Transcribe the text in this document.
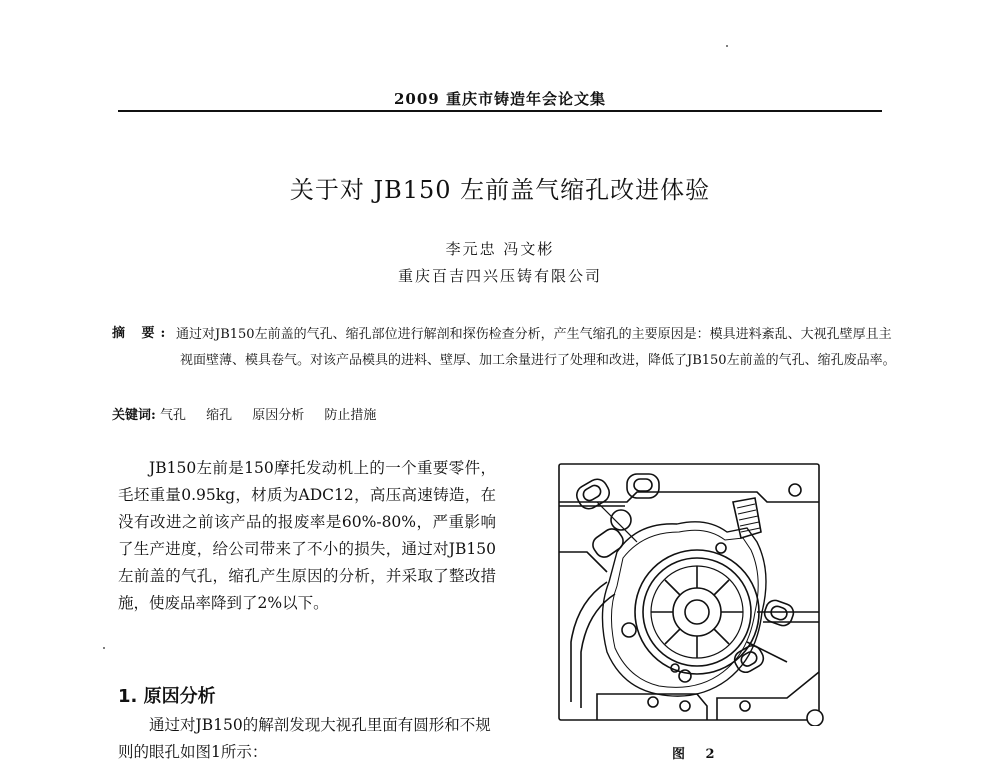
2009 重庆市铸造年会论文集
关于对 JB150 左前盖气缩孔改进体验
李元忠 冯文彬
重庆百吉四兴压铸有限公司
摘 要: 通过对JB150左前盖的气孔、缩孔部位进行解剖和探伤检查分析，产生气缩孔的主要原因是：模具进料紊乱、大视孔壁厚且主视面壁薄、模具卷气。对该产品模具的进料、壁厚、加工余量进行了处理和改进，降低了JB150左前盖的气孔、缩孔废品率。
关键词: 气孔 缩孔 原因分析 防止措施

JB150左前是150摩托发动机上的一个重要零件，毛坯重量0.95kg，材质为ADC12，高压高速铸造，在没有改进之前该产品的报废率是60%-80%，严重影响了生产进度，给公司带来了不小的损失，通过对JB150左前盖的气孔，缩孔产生原因的分析，并采取了整改措施，使废品率降到了2%以下。

1. 原因分析

通过对JB150的解剖发现大视孔里面有圆形和不规则的眼孔如图1所示：	图 2
